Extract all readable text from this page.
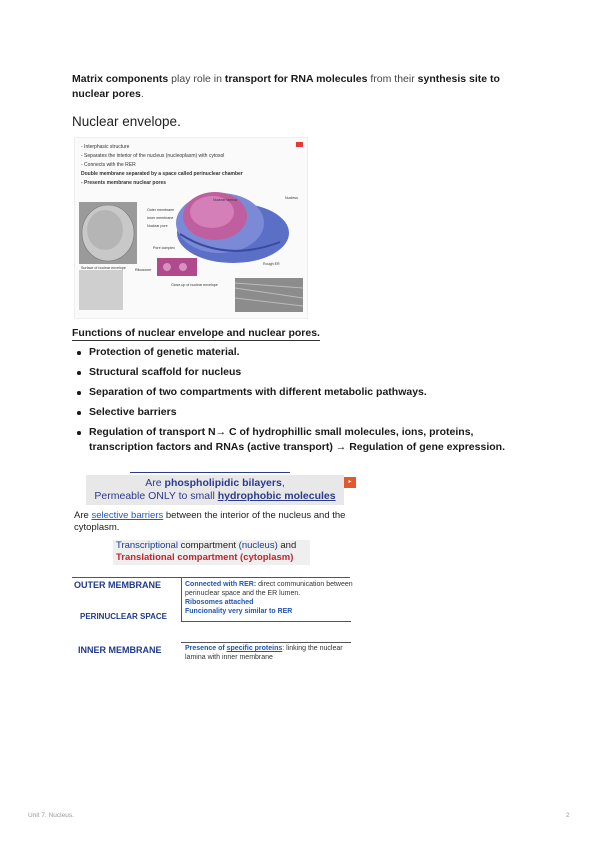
Matrix components play role in transport for RNA molecules from their synthesis site to nuclear pores.
Nuclear envelope.
- Interphasic structure
- Separates the interior of the nucleus (nucleoplasm) with cytosol
- Connects with the RER
Double membrane separated by a space called perinuclear chamber
- Presents membrane nuclear pores
Outer membrane
Inner membrane
Nuclear pore
Nuclear lamina	Nucleus
Pore complex
Ribosome
Rough ER
Surface of nuclear envelope
Close-up of nuclear envelope
Functions of nuclear envelope and nuclear pores.
Protection of genetic material.
Structural scaffold for nucleus
Separation of two compartments with different metabolic pathways.
Selective barriers
Regulation of transport N→ C of hydrophillic small molecules, ions, proteins, transcription factors and RNAs (active transport) → Regulation of gene expression.
Are phospholipidic bilayers,
Permeable ONLY to small hydrophobic molecules
▸
Are selective barriers between the interior of the nucleus and the cytoplasm.
Transcriptional compartment (nucleus) and
Translational compartment (cytoplasm)
OUTER MEMBRANE	Connected with RER: direct communication between perinuclear space and the ER lumen.
Ribosomes attached
Funcionality very similar to RER
PERINUCLEAR SPACE
INNER MEMBRANE	Presence of specific proteins: linking the nuclear lamina with inner membrane
Unit 7. Nucleus.	2
